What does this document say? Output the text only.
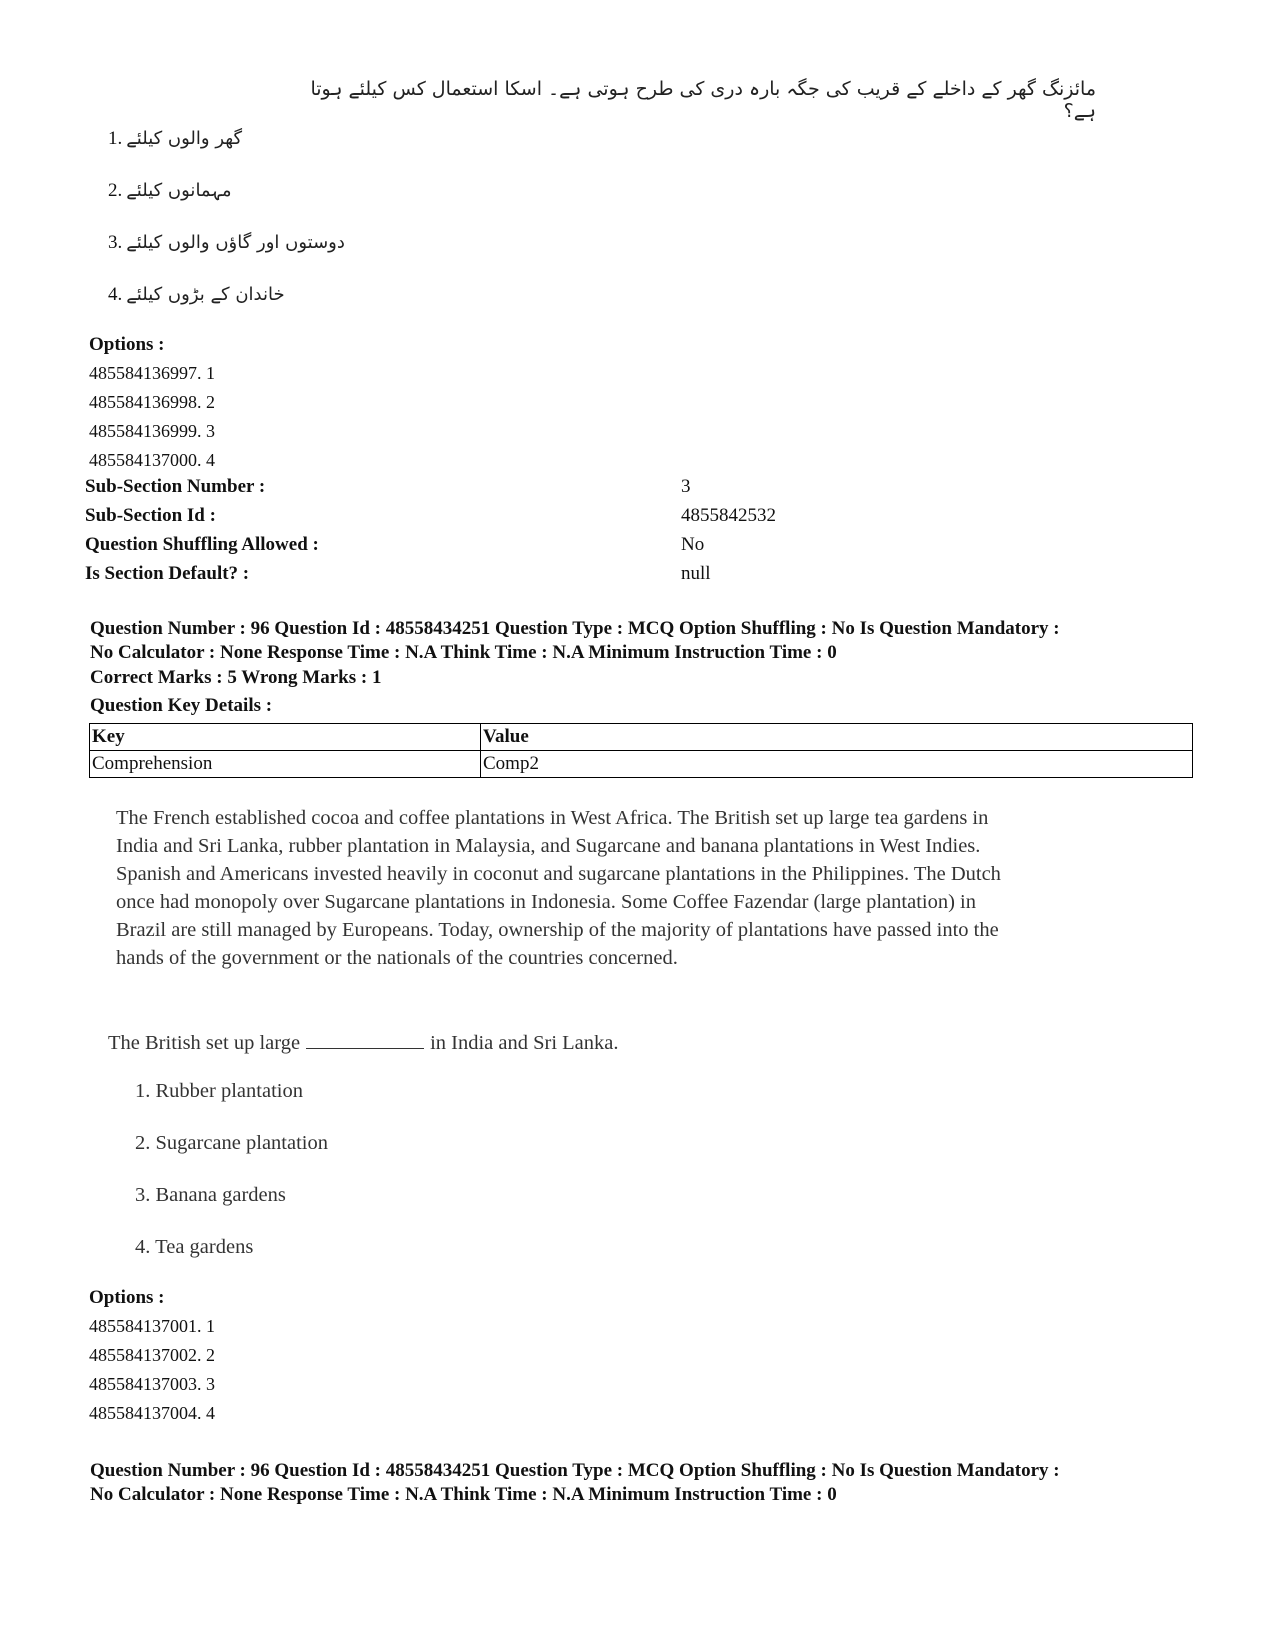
مائزنگ گھر کے داخلے کے قریب کی جگہ بارہ دری کی طرح ہوتی ہے۔ اسکا استعمال کس کیلئے ہوتا ہے؟
1. گھر والوں کیلئے
2. مہمانوں کیلئے
3. دوستوں اور گاؤں والوں کیلئے
4. خاندان کے بڑوں کیلئے
Options :
485584136997. 1
485584136998. 2
485584136999. 3
485584137000. 4
Sub-Section Number :	3
Sub-Section Id :	4855842532
Question Shuffling Allowed :	No
Is Section Default? :	null
Question Number : 96 Question Id : 48558434251 Question Type : MCQ Option Shuffling : No Is Question Mandatory :
No Calculator : None Response Time : N.A Think Time : N.A Minimum Instruction Time : 0
Correct Marks : 5 Wrong Marks : 1
Question Key Details :
Key	Value
Comprehension	Comp2
The French established cocoa and coffee plantations in West Africa. The British set up large tea gardens in
India and Sri Lanka, rubber plantation in Malaysia, and Sugarcane and banana plantations in West Indies.
Spanish and Americans invested heavily in coconut and sugarcane plantations in the Philippines. The Dutch
once had monopoly over Sugarcane plantations in Indonesia. Some Coffee Fazendar (large plantation) in
Brazil are still managed by Europeans. Today, ownership of the majority of plantations have passed into the
hands of the government or the nationals of the countries concerned.
The British set up large	in India and Sri Lanka.
1. Rubber plantation
2. Sugarcane plantation
3. Banana gardens
4. Tea gardens
Options :
485584137001. 1
485584137002. 2
485584137003. 3
485584137004. 4
Question Number : 96 Question Id : 48558434251 Question Type : MCQ Option Shuffling : No Is Question Mandatory :
No Calculator : None Response Time : N.A Think Time : N.A Minimum Instruction Time : 0
